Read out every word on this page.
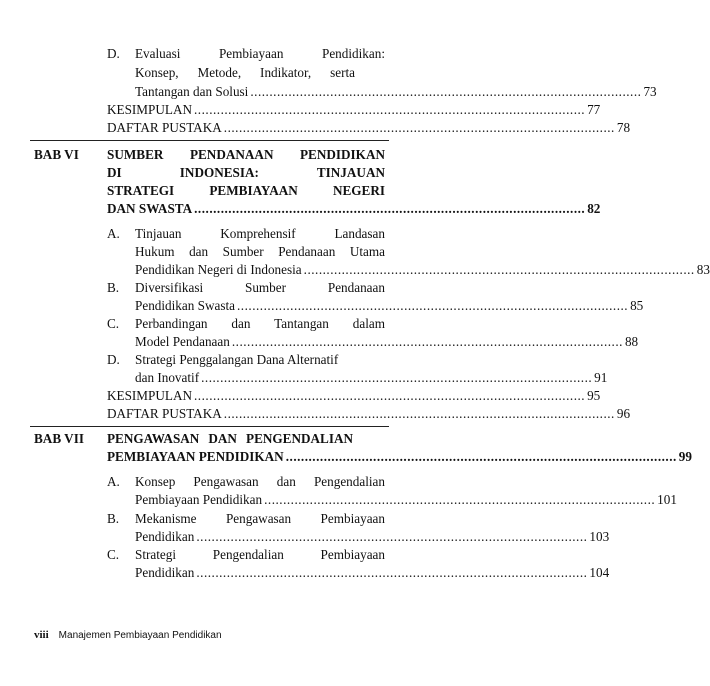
D. Evaluasi Pembiayaan Pendidikan:
Konsep, Metode, Indikator, serta
Tantangan dan Solusi ....................................................................................................... 73
KESIMPULAN ....................................................................................................... 77
DAFTAR PUSTAKA ....................................................................................................... 78
BAB VI SUMBER PENDANAAN PENDIDIKAN
DI INDONESIA: TINJAUAN
STRATEGI PEMBIAYAAN NEGERI
DAN SWASTA ....................................................................................................... 82
A. Tinjauan Komprehensif Landasan
Hukum dan Sumber Pendanaan Utama
Pendidikan Negeri di Indonesia ....................................................................................................... 83
B. Diversifikasi Sumber Pendanaan
Pendidikan Swasta ....................................................................................................... 85
C. Perbandingan dan Tantangan dalam
Model Pendanaan ....................................................................................................... 88
D. Strategi Penggalangan Dana Alternatif
dan Inovatif ....................................................................................................... 91
KESIMPULAN ....................................................................................................... 95
DAFTAR PUSTAKA ....................................................................................................... 96
BAB VII PENGAWASAN DAN PENGENDALIAN
PEMBIAYAAN PENDIDIKAN ....................................................................................................... 99
A. Konsep Pengawasan dan Pengendalian
Pembiayaan Pendidikan ....................................................................................................... 101
B. Mekanisme Pengawasan Pembiayaan
Pendidikan ....................................................................................................... 103
C. Strategi Pengendalian Pembiayaan
Pendidikan ....................................................................................................... 104
viii Manajemen Pembiayaan Pendidikan
